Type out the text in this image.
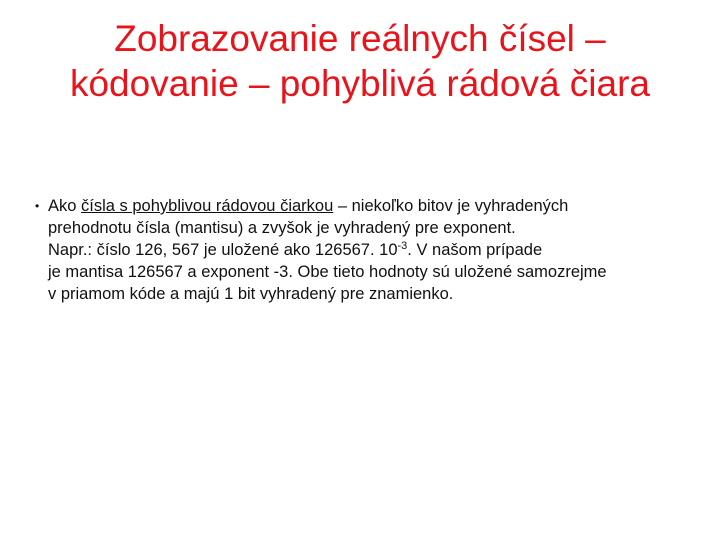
Zobrazovanie reálnych čísel –
kódovanie – pohyblivá rádová čiara
• Ako čísla s pohyblivou rádovou čiarkou – niekoľko bitov je vyhradených
prehodnotu čísla (mantisu) a zvyšok je vyhradený pre exponent.
Napr.: číslo 126, 567 je uložené ako 126567. $10^{-3}$. V našom prípade
je mantisa 126567 a exponent -3. Obe tieto hodnoty sú uložené samozrejme
v priamom kóde a majú 1 bit vyhradený pre znamienko.
